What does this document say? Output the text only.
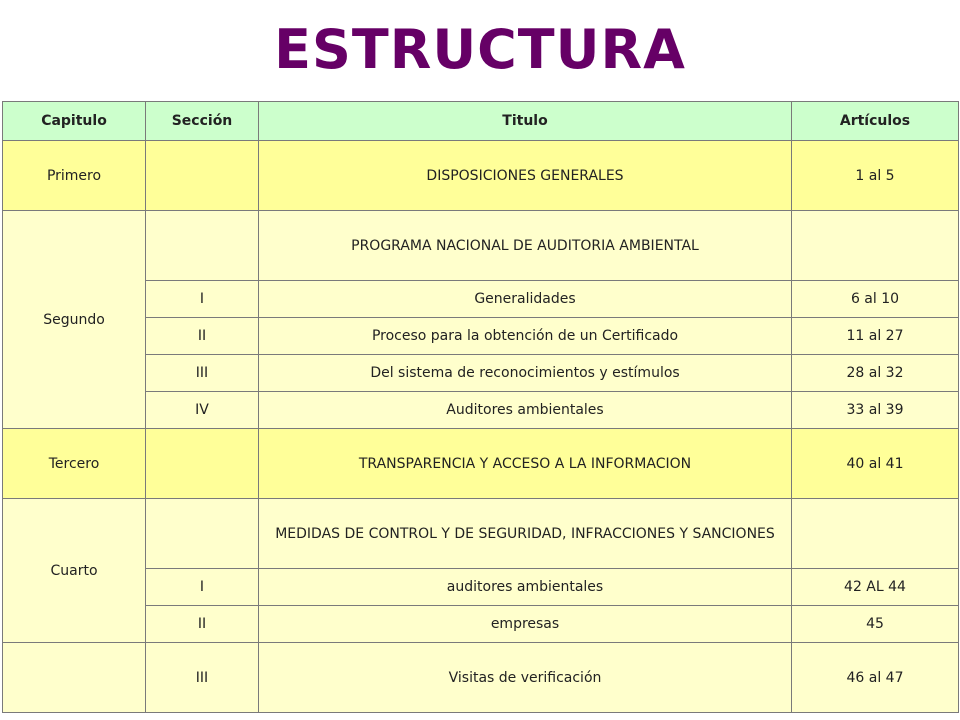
ESTRUCTURA
Capitulo	Sección	Titulo	Artículos
Primero		DISPOSICIONES GENERALES	1 al 5
Segundo		PROGRAMA NACIONAL DE AUDITORIA AMBIENTAL	
	I	Generalidades	6 al 10
	II	Proceso para la obtención de un Certificado	11 al 27
	III	Del sistema de reconocimientos y estímulos	28 al 32
	IV	Auditores ambientales	33 al 39
Tercero		TRANSPARENCIA Y ACCESO A LA INFORMACION	40 al 41
Cuarto		MEDIDAS DE CONTROL Y DE SEGURIDAD, INFRACCIONES Y SANCIONES	
	I	auditores ambientales	42 AL 44
	II	empresas	45
	III	Visitas de verificación	46 al 47
